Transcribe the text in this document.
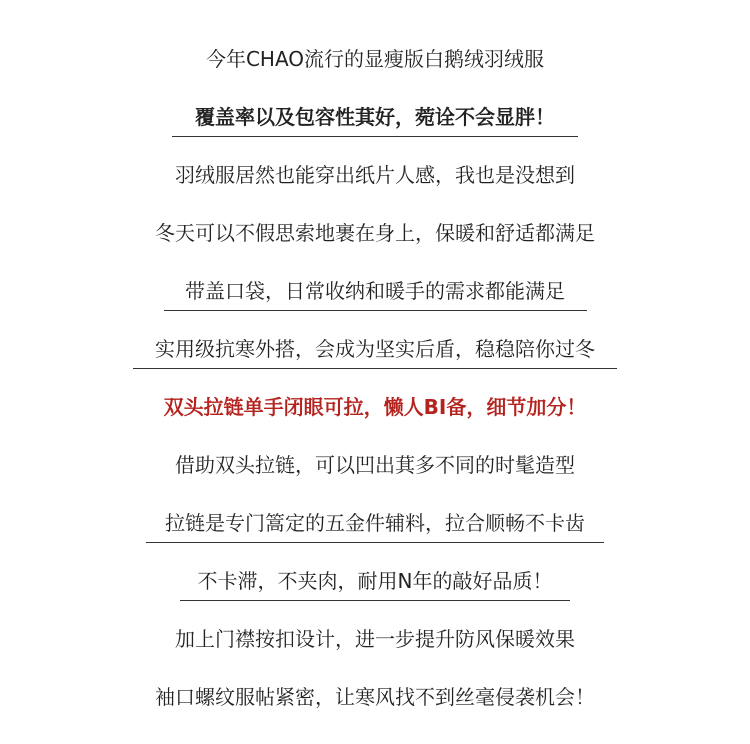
今年CHAO流行的显瘦版白鹅绒羽绒服
覆盖率以及包容性萁好，菀诠不会显胖！
羽绒服居然也能穿出纸片人感，我也是没想到
冬天可以不假思索地裹在身上，保暖和舒适都满足
带盖口袋，日常收纳和暖手的需求都能满足
实用级抗寒外搭，会成为坚实后盾，稳稳陪你过冬
双头拉链单手闭眼可拉，懒人BI备，细节加分！
借助双头拉链，可以凹出萁多不同的时髦造型
拉链是专门篙定的五金件辅料，拉合顺畅不卡齿
不卡滞，不夹肉，耐用N年的敲好品质！
加上门襟按扣设计，进一步提升防风保暖效果
袖口螺纹服帖紧密，让寒风找不到丝毫侵袭机会！
